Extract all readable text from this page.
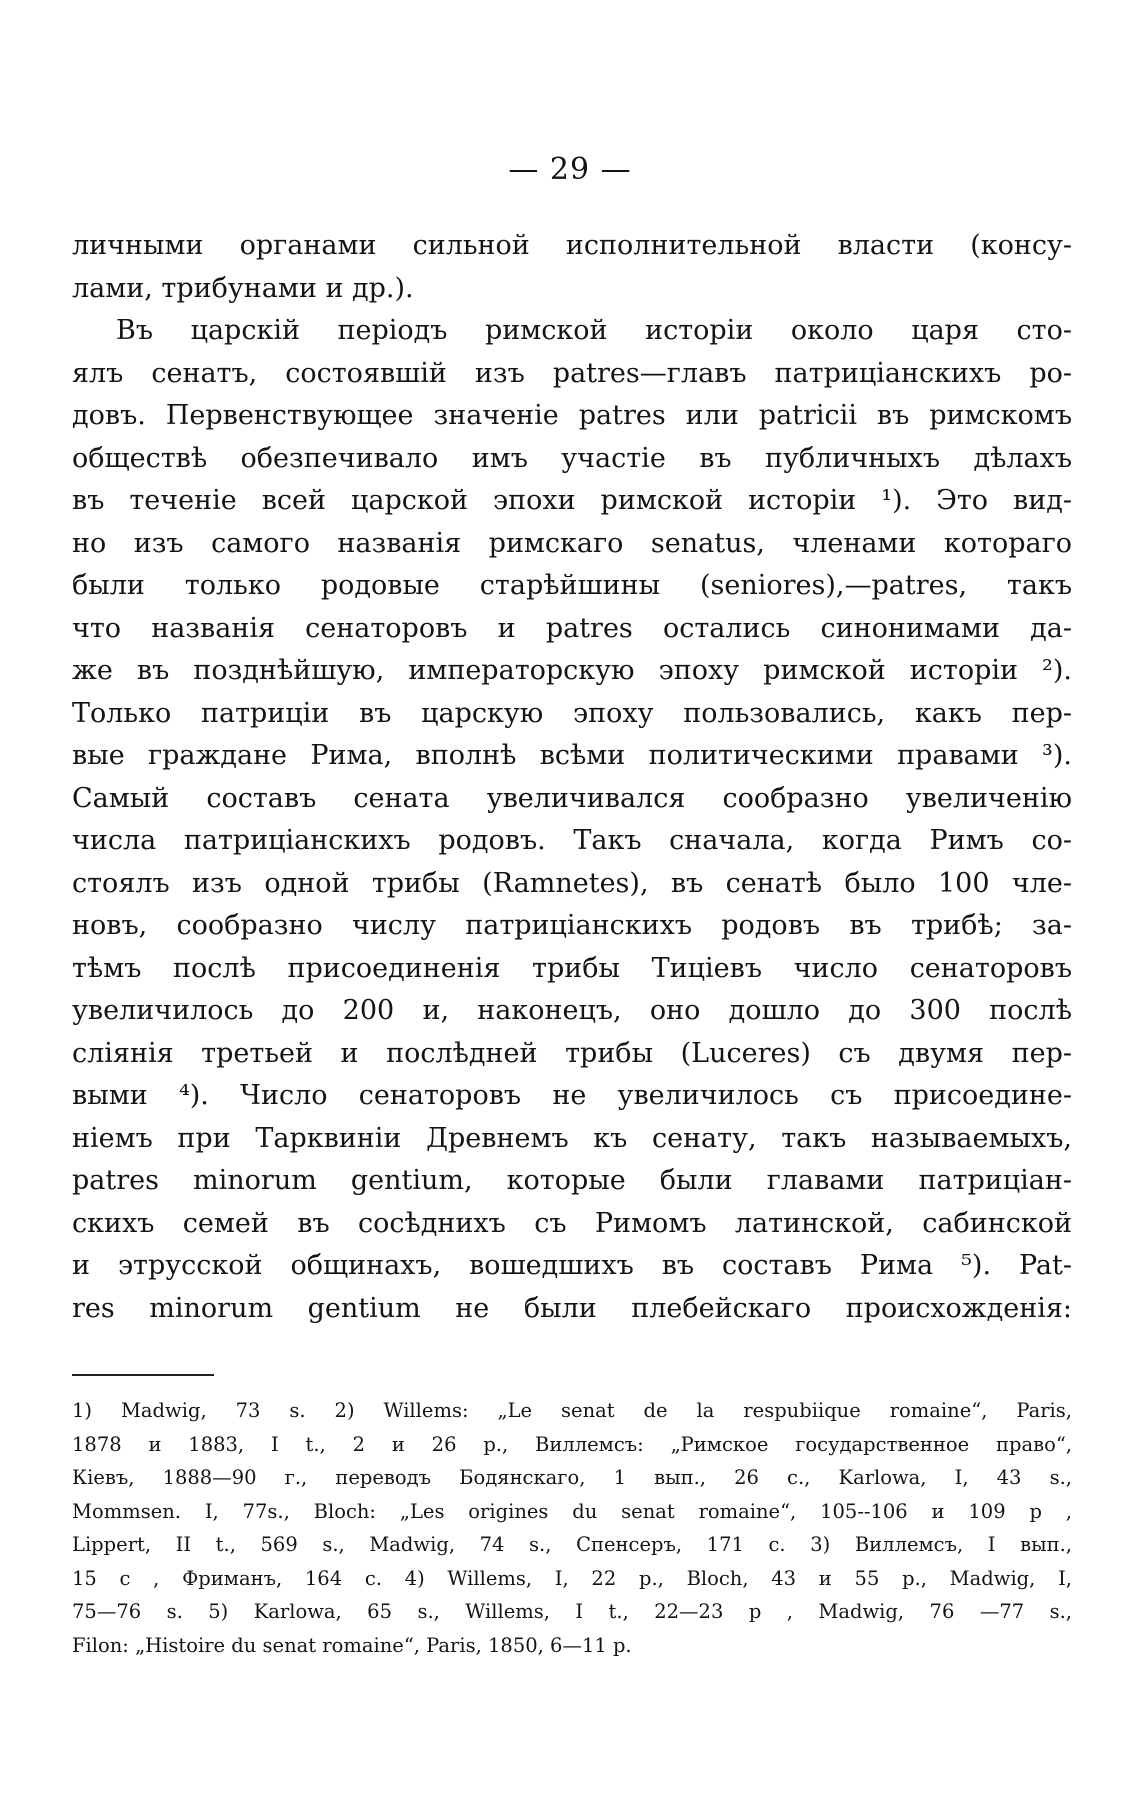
— 29 —
личными органами сильной исполнительной власти (консу-
лами, трибунами и др.).
Въ царскій періодъ римской исторіи около царя сто-
ялъ сенатъ, состоявшій изъ patres—главъ патриціанскихъ ро-
довъ. Первенствующее значеніе patres или patricii въ римскомъ
обществѣ обезпечивало имъ участіе въ публичныхъ дѣлахъ
въ теченіе всей царской эпохи римской исторіи ¹). Это вид-
но изъ самого названія римскаго senatus, членами котораго
были только родовые старѣйшины (seniores),—patres, такъ
что названія сенаторовъ и patres остались синонимами да-
же въ позднѣйшую, императорскую эпоху римской исторіи ²).
Только патриціи въ царскую эпоху пользовались, какъ пер-
вые граждане Рима, вполнѣ всѣми политическими правами ³).
Самый составъ сената увеличивался сообразно увеличенію
числа патриціанскихъ родовъ. Такъ сначала, когда Римъ со-
стоялъ изъ одной трибы (Ramnetes), въ сенатѣ было 100 чле-
новъ, сообразно числу патриціанскихъ родовъ въ трибѣ; за-
тѣмъ послѣ присоединенія трибы Тиціевъ число сенаторовъ
увеличилось до 200 и, наконецъ, оно дошло до 300 послѣ
сліянія третьей и послѣдней трибы (Luceres) съ двумя пер-
выми ⁴). Число сенаторовъ не увеличилось съ присоедине-
ніемъ при Тарквиніи Древнемъ къ сенату, такъ называемыхъ,
patres minorum gentium, которые были главами патриціан-
скихъ семей въ сосѣднихъ съ Римомъ латинской, сабинской
и этрусской общинахъ, вошедшихъ въ составъ Рима ⁵). Pat-
res minorum gentium не были плебейскаго происхожденія:
1) Madwig, 73 s. 2) Willems: „Le senat de la respubiique romaine“, Paris,
1878 и 1883, I t., 2 и 26 p., Виллемсъ: „Римское государственное право“,
Кіевъ, 1888—90 г., переводъ Бодянскаго, 1 вып., 26 с., Karlowa, I, 43 s.,
Mommsen. I, 77s., Bloch: „Les origines du senat romaine“, 105--106 и 109 p ,
Lippert, II t., 569 s., Madwig, 74 s., Спенсеръ, 171 с. 3) Виллемсъ, I вып.,
15 с , Фриманъ, 164 с. 4) Willems, I, 22 p., Bloch, 43 и 55 p., Madwig, I,
75—76 s. 5) Karlowa, 65 s., Willems, I t., 22—23 p , Madwig, 76 —77 s.,
Filon: „Histoire du senat romaine“, Paris, 1850, 6—11 p.
